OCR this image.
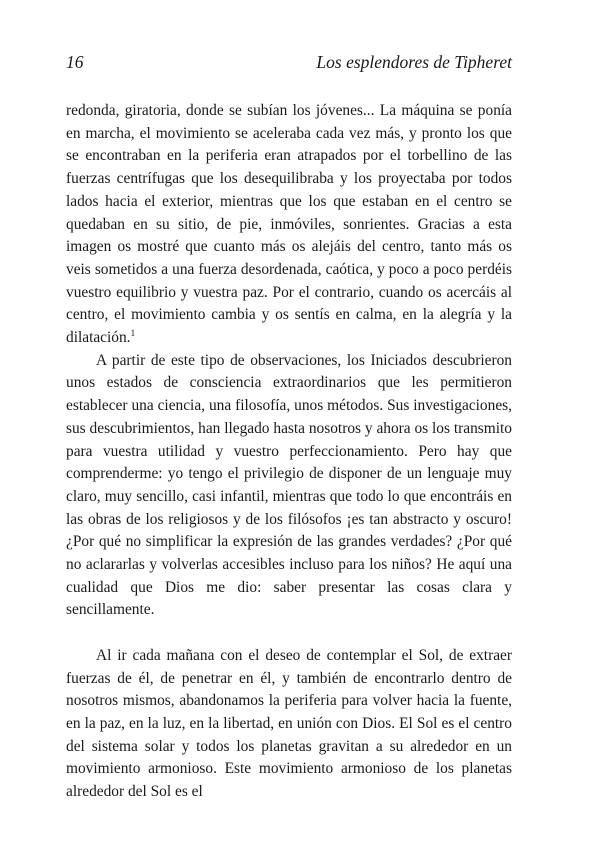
16	Los esplendores de Tipheret

redonda, giratoria, donde se subían los jóvenes... La máquina se ponía en marcha, el movimiento se aceleraba cada vez más, y pronto los que se encontraban en la periferia eran atrapados por el torbellino de las fuerzas centrífugas que los desequilibraba y los proyectaba por todos lados hacia el exterior, mientras que los que estaban en el centro se quedaban en su sitio, de pie, inmóviles, sonrientes. Gracias a esta imagen os mostré que cuanto más os alejáis del centro, tanto más os veis sometidos a una fuerza desordenada, caótica, y poco a poco perdéis vuestro equilibrio y vuestra paz. Por el contrario, cuando os acercáis al centro, el movimiento cambia y os sentís en calma, en la alegría y la dilatación.$^1$

A partir de este tipo de observaciones, los Iniciados descubrieron unos estados de consciencia extraordinarios que les permitieron establecer una ciencia, una filosofía, unos métodos. Sus investigaciones, sus descubrimientos, han llegado hasta nosotros y ahora os los transmito para vuestra utilidad y vuestro perfeccionamiento. Pero hay que comprenderme: yo tengo el privilegio de disponer de un lenguaje muy claro, muy sencillo, casi infantil, mientras que todo lo que encontráis en las obras de los religiosos y de los filósofos ¡es tan abstracto y oscuro! ¿Por qué no simplificar la expresión de las grandes verdades? ¿Por qué no aclararlas y volverlas accesibles incluso para los niños? He aquí una cualidad que Dios me dio: saber presentar las cosas clara y sencillamente.

Al ir cada mañana con el deseo de contemplar el Sol, de extraer fuerzas de él, de penetrar en él, y también de encontrarlo dentro de nosotros mismos, abandonamos la periferia para volver hacia la fuente, en la paz, en la luz, en la libertad, en unión con Dios. El Sol es el centro del sistema solar y todos los planetas gravitan a su alrededor en un movimiento armonioso. Este movimiento armonioso de los planetas alrededor del Sol es el
